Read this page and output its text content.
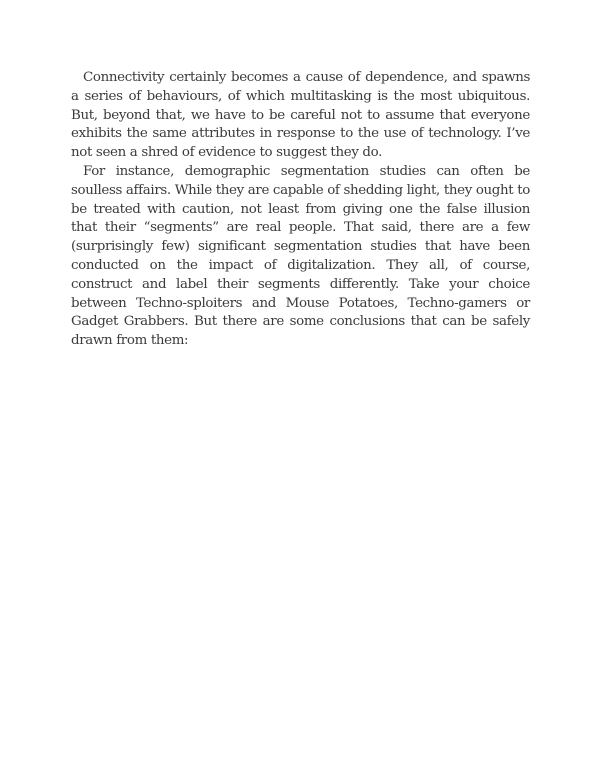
Connectivity certainly becomes a cause of dependence, and spawns a series of behaviours, of which multitasking is the most ubiquitous. But, beyond that, we have to be careful not to assume that everyone exhibits the same attributes in response to the use of technology. I’ve not seen a shred of evidence to suggest they do.

For instance, demographic segmentation studies can often be soulless affairs. While they are capable of shedding light, they ought to be treated with caution, not least from giving one the false illusion that their “segments” are real people. That said, there are a few (surprisingly few) significant segmentation studies that have been conducted on the impact of digitalization. They all, of course, construct and label their segments differently. Take your choice between Techno-sploiters and Mouse Potatoes, Techno-gamers or Gadget Grabbers. But there are some conclusions that can be safely drawn from them:
